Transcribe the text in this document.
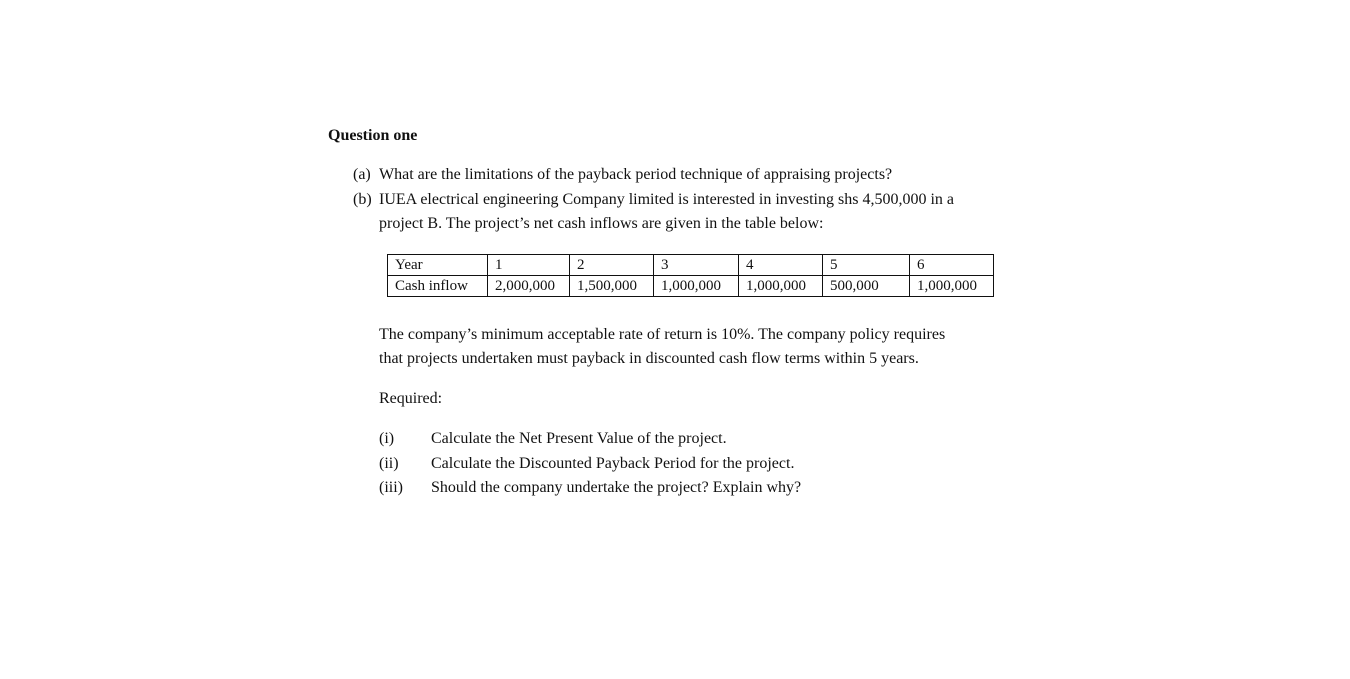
Question one
(a) What are the limitations of the payback period technique of appraising projects?
(b) IUEA electrical engineering Company limited is interested in investing shs 4,500,000 in a
project B. The project’s net cash inflows are given in the table below:
Year	1	2	3	4	5	6
Cash inflow	2,000,000	1,500,000	1,000,000	1,000,000	500,000	1,000,000
The company’s minimum acceptable rate of return is 10%. The company policy requires
that projects undertaken must payback in discounted cash flow terms within 5 years.
Required:
(i) Calculate the Net Present Value of the project.
(ii) Calculate the Discounted Payback Period for the project.
(iii) Should the company undertake the project? Explain why?
